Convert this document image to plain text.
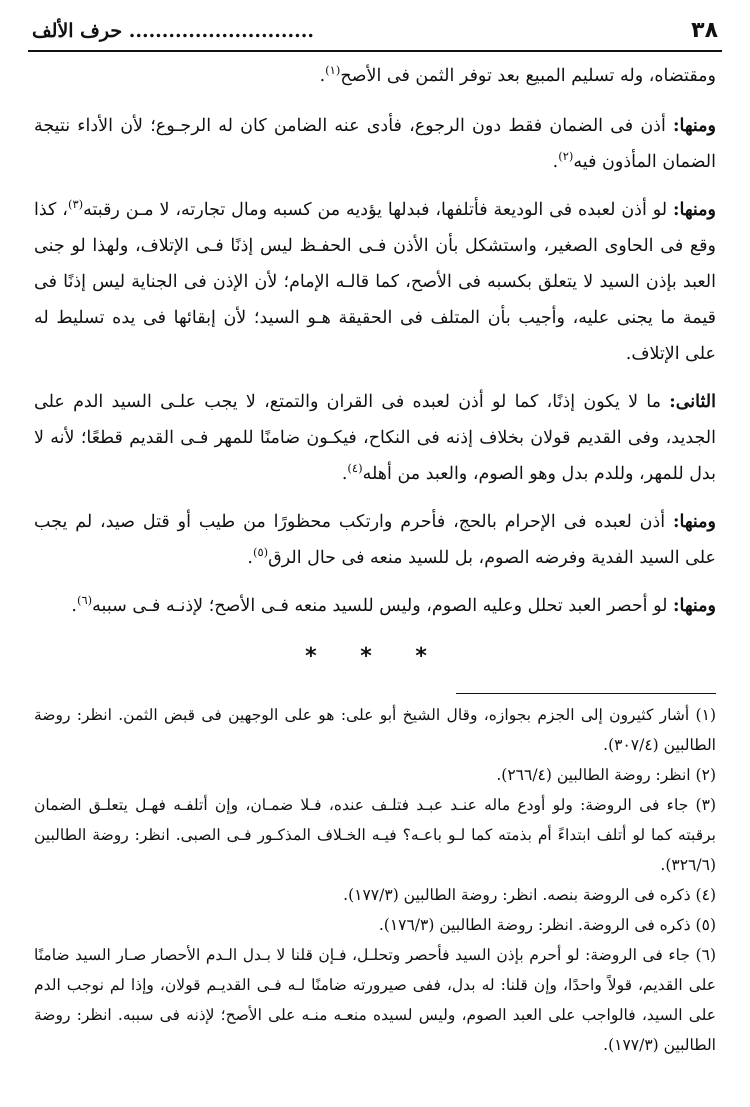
٣٨
............................ حرف الألف

ومقتضاه، وله تسليم المبيع بعد توفر الثمن فى الأصح$^{(١)}$.

ومنها: أذن فى الضمان فقط دون الرجوع، فأدى عنه الضامن كان له الرجـوع؛ لأن الأداء نتيجة الضمان المأذون فيه$^{(٢)}$.

ومنها: لو أذن لعبده فى الوديعة فأتلفها، فبدلها يؤديه من كسبه ومال تجارته، لا مـن رقبته$^{(٣)}$، كذا وقع فى الحاوى الصغير، واستشكل بأن الأذن فـى الحفـظ ليس إذنًا فـى الإتلاف، ولهذا لو جنى العبد بإذن السيد لا يتعلق بكسبه فى الأصح، كما قالـه الإمام؛ لأن الإذن فى الجناية ليس إذنًا فى قيمة ما يجنى عليه، وأجيب بأن المتلف فى الحقيقة هـو السيد؛ لأن إبقائها فى يده تسليط له على الإتلاف.

الثانى: ما لا يكون إذنًا، كما لو أذن لعبده فى القران والتمتع، لا يجب علـى السيد الدم على الجديد، وفى القديم قولان بخلاف إذنه فى النكاح، فيكـون ضامنًا للمهر فـى القديم قطعًا؛ لأنه لا بدل للمهر، وللدم بدل وهو الصوم، والعبد من أهله$^{(٤)}$.

ومنها: أذن لعبده فى الإحرام بالحج، فأحرم وارتكب محظورًا من طيب أو قتل صيد، لم يجب على السيد الفدية وفرضه الصوم، بل للسيد منعه فى حال الرق$^{(٥)}$.

ومنها: لو أحصر العبد تحلل وعليه الصوم، وليس للسيد منعه فـى الأصح؛ لإذنـه فـى سببه$^{(٦)}$.

* * *
(١) أشار كثيرون إلى الجزم بجوازه، وقال الشيخ أبو على: هو على الوجهين فى قبض الثمن. انظر: روضة الطالبين (٣٠٧/٤).
(٢) انظر: روضة الطالبين (٢٦٦/٤).
(٣) جاء فى الروضة: ولو أودع ماله عنـد عبـد فتلـف عنده، فـلا ضمـان، وإن أتلفـه فهـل يتعلـق الضمان برقبته كما لو أتلف ابتداءً أم بذمته كما لـو باعـه؟ فيـه الخـلاف المذكـور فـى الصبى. انظر: روضة الطالبين (٣٢٦/٦).
(٤) ذكره فى الروضة بنصه. انظر: روضة الطالبين (١٧٧/٣).
(٥) ذكره فى الروضة. انظر: روضة الطالبين (١٧٦/٣).
(٦) جاء فى الروضة: لو أحرم بإذن السيد فأحصر وتحلـل، فـإن قلنا لا بـدل الـدم الأحصار صـار السيد ضامنًا على القديم، قولاً واحدًا، وإن قلنا: له بدل، ففى صيرورته ضامنًا لـه فـى القديـم قولان، وإذا لم نوجب الدم على السيد، فالواجب على العبد الصوم، وليس لسيده منعـه منـه على الأصح؛ لإذنه فى سببه. انظر: روضة الطالبين (١٧٧/٣).
